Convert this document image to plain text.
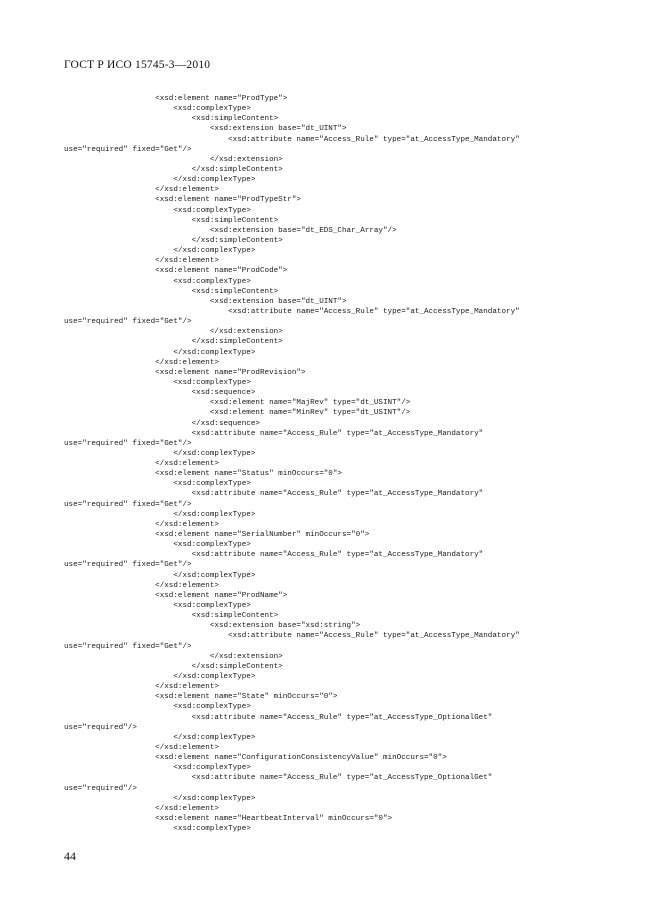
ГОСТ Р ИСО 15745-3—2010
<xsd:element name="ProdType">
<xsd:complexType>
<xsd:simpleContent>
<xsd:extension base="dt_UINT">
<xsd:attribute name="Access_Rule" type="at_AccessType_Mandatory"
use="required" fixed="Get"/>
</xsd:extension>
</xsd:simpleContent>
</xsd:complexType>
</xsd:element>
<xsd:element name="ProdTypeStr">
<xsd:complexType>
<xsd:simpleContent>
<xsd:extension base="dt_EDS_Char_Array"/>
</xsd:simpleContent>
</xsd:complexType>
</xsd:element>
<xsd:element name="ProdCode">
<xsd:complexType>
<xsd:simpleContent>
<xsd:extension base="dt_UINT">
<xsd:attribute name="Access_Rule" type="at_AccessType_Mandatory"
use="required" fixed="Get"/>
</xsd:extension>
</xsd:simpleContent>
</xsd:complexType>
</xsd:element>
<xsd:element name="ProdRevision">
<xsd:complexType>
<xsd:sequence>
<xsd:element name="MajRev" type="dt_USINT"/>
<xsd:element name="MinRev" type="dt_USINT"/>
</xsd:sequence>
<xsd:attribute name="Access_Rule" type="at_AccessType_Mandatory"
use="required" fixed="Get"/>
</xsd:complexType>
</xsd:element>
<xsd:element name="Status" minOccurs="0">
<xsd:complexType>
<xsd:attribute name="Access_Rule" type="at_AccessType_Mandatory"
use="required" fixed="Get"/>
</xsd:complexType>
</xsd:element>
<xsd:element name="SerialNumber" minOccurs="0">
<xsd:complexType>
<xsd:attribute name="Access_Rule" type="at_AccessType_Mandatory"
use="required" fixed="Get"/>
</xsd:complexType>
</xsd:element>
<xsd:element name="ProdName">
<xsd:complexType>
<xsd:simpleContent>
<xsd:extension base="xsd:string">
<xsd:attribute name="Access_Rule" type="at_AccessType_Mandatory"
use="required" fixed="Get"/>
</xsd:extension>
</xsd:simpleContent>
</xsd:complexType>
</xsd:element>
<xsd:element name="State" minOccurs="0">
<xsd:complexType>
<xsd:attribute name="Access_Rule" type="at_AccessType_OptionalGet"
use="required"/>
</xsd:complexType>
</xsd:element>
<xsd:element name="ConfigurationConsistencyValue" minOccurs="0">
<xsd:complexType>
<xsd:attribute name="Access_Rule" type="at_AccessType_OptionalGet"
use="required"/>
</xsd:complexType>
</xsd:element>
<xsd:element name="HeartbeatInterval" minOccurs="0">
<xsd:complexType>
44
